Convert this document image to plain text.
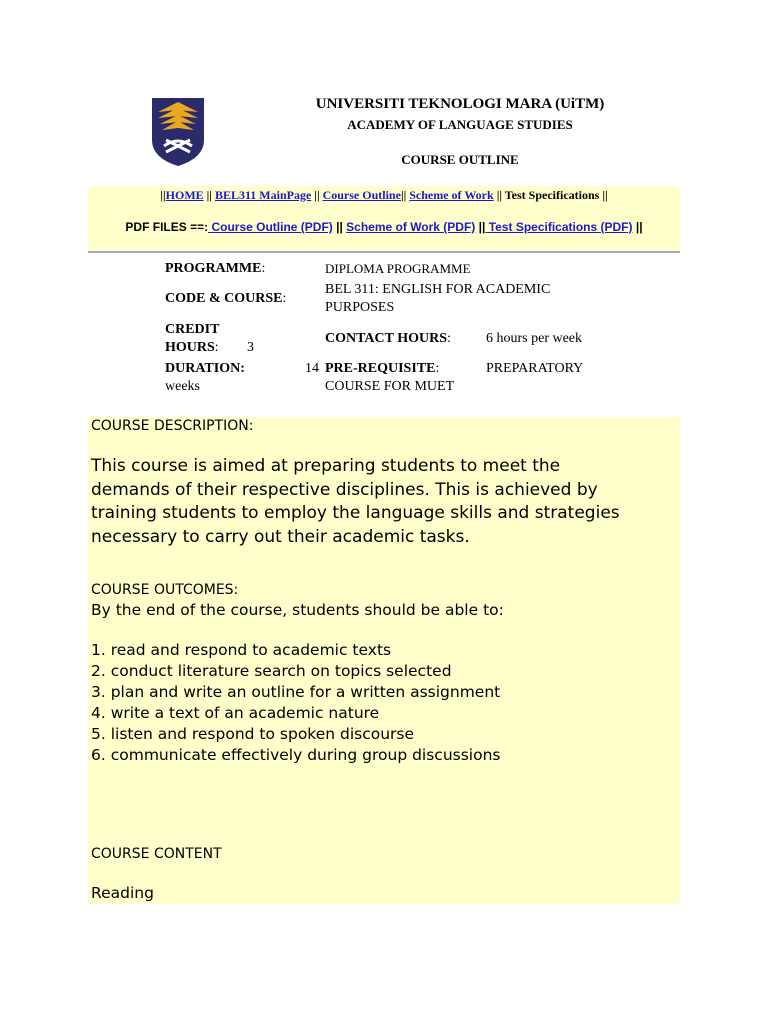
UNIVERSITI TEKNOLOGI MARA (UiTM)
ACADEMY OF LANGUAGE STUDIES
COURSE OUTLINE
||HOME || BEL311 MainPage || Course Outline|| Scheme of Work || Test Specifications ||
PDF FILES ==: Course Outline (PDF) || Scheme of Work (PDF) || Test Specifications (PDF) ||
PROGRAMME:	DIPLOMA PROGRAMME
CODE & COURSE:
BEL 311: ENGLISH FOR ACADEMIC
PURPOSES
CREDIT
HOURS: 3
CONTACT HOURS:	6 hours per week
DURATION:	14
weeks
PRE-REQUISITE:	PREPARATORY
COURSE FOR MUET
COURSE DESCRIPTION:
This course is aimed at preparing students to meet the
demands of their respective disciplines. This is achieved by
training students to employ the language skills and strategies
necessary to carry out their academic tasks.
COURSE OUTCOMES:
By the end of the course, students should be able to:
1. read and respond to academic texts
2. conduct literature search on topics selected
3. plan and write an outline for a written assignment
4. write a text of an academic nature
5. listen and respond to spoken discourse
6. communicate effectively during group discussions
COURSE CONTENT
Reading
